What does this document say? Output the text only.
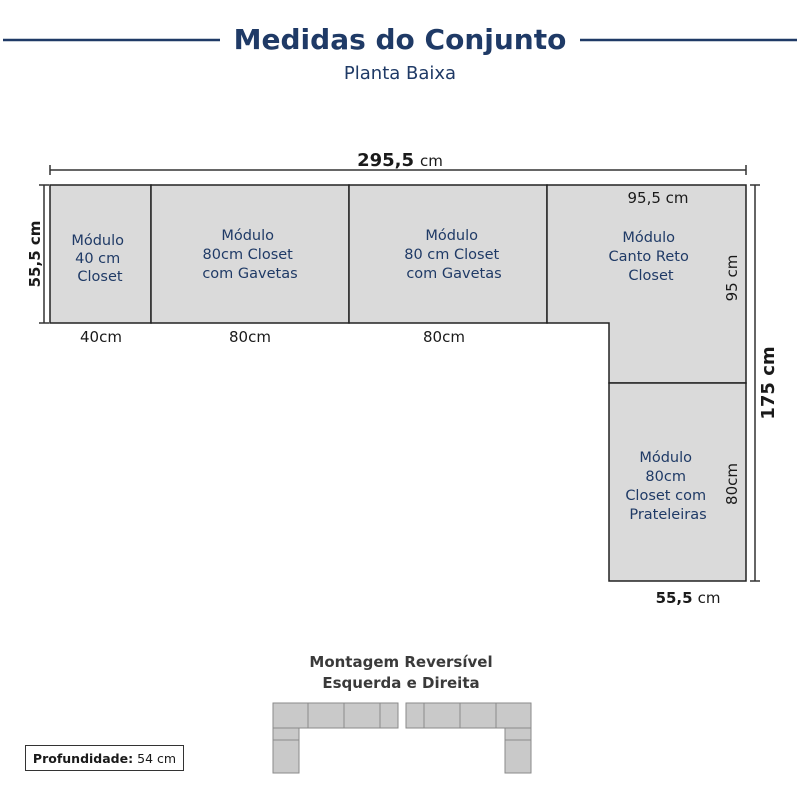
Medidas do Conjunto
Planta Baixa
295,5 cm
55,5 cm
175 cm
Módulo 40 cm Closet
Módulo 80cm Closet com Gavetas
Módulo 80 cm Closet com Gavetas
Módulo Canto Reto Closet
Módulo 80cm Closet com Prateleiras
95,5 cm
95 cm
80cm
40cm	80cm	80cm
55,5 cm
Montagem Reversível
Esquerda e Direita
Profundidade: 54 cm
